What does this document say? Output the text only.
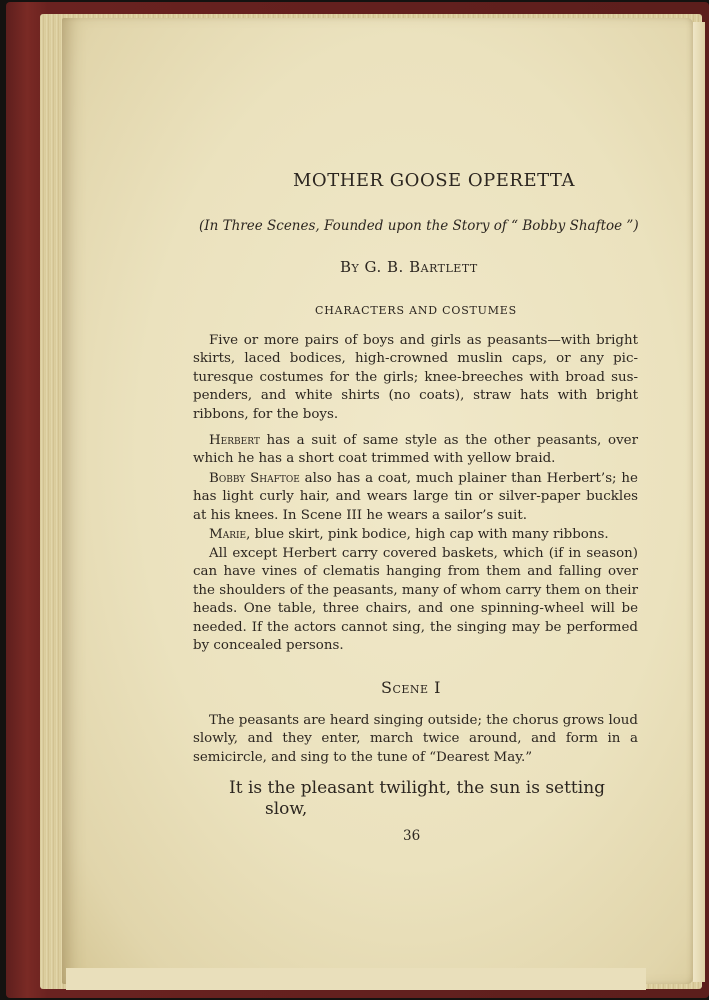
MOTHER GOOSE OPERETTA
(In Three Scenes, Founded upon the Story of “ Bobby Shaftoe ”)
By G. B. Bartlett
CHARACTERS AND COSTUMES
Five or more pairs of boys and girls as peasants—with bright skirts, laced bodices, high-crowned muslin caps, or any picturesque costumes for the girls; knee-breeches with broad suspenders, and white shirts (no coats), straw hats with bright ribbons, for the boys.
Herbert has a suit of same style as the other peasants, over which he has a short coat trimmed with yellow braid.
Bobby Shaftoe also has a coat, much plainer than Herbert’s; he has light curly hair, and wears large tin or silver-paper buckles at his knees. In Scene III he wears a sailor’s suit.
Marie, blue skirt, pink bodice, high cap with many ribbons.
All except Herbert carry covered baskets, which (if in season) can have vines of clematis hanging from them and falling over the shoulders of the peasants, many of whom carry them on their heads. One table, three chairs, and one spinning-wheel will be needed. If the actors cannot sing, the singing may be performed by concealed persons.
Scene I
The peasants are heard singing outside; the chorus grows loud slowly, and they enter, march twice around, and form in a semicircle, and sing to the tune of “Dearest May.”
It is the pleasant twilight, the sun is setting
slow,
36
